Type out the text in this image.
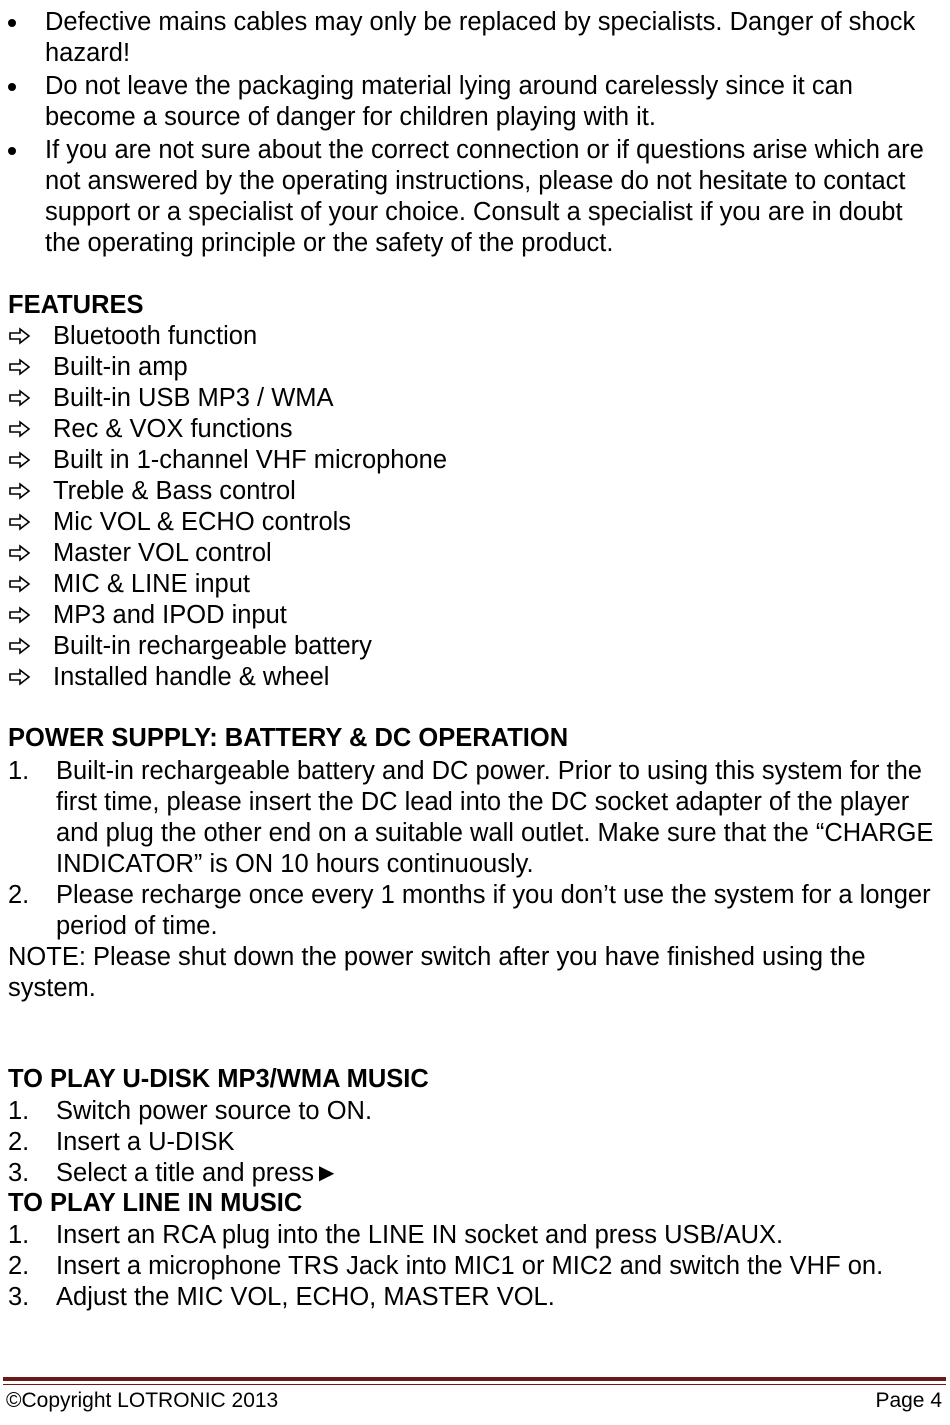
Defective mains cables may only be replaced by specialists. Danger of shock hazard!
Do not leave the packaging material lying around carelessly since it can become a source of danger for children playing with it.
If you are not sure about the correct connection or if questions arise which are not answered by the operating instructions, please do not hesitate to contact support or a specialist of your choice. Consult a specialist if you are in doubt the operating principle or the safety of the product.
FEATURES
Bluetooth function
Built-in amp
Built-in USB MP3 / WMA
Rec & VOX functions
Built in 1-channel VHF microphone
Treble & Bass control
Mic VOL & ECHO controls
Master VOL control
MIC & LINE input
MP3 and IPOD input
Built-in rechargeable battery
Installed handle & wheel
POWER SUPPLY: BATTERY & DC OPERATION
1. Built-in rechargeable battery and DC power. Prior to using this system for the first time, please insert the DC lead into the DC socket adapter of the player and plug the other end on a suitable wall outlet. Make sure that the “CHARGE INDICATOR” is ON 10 hours continuously.
2. Please recharge once every 1 months if you don’t use the system for a longer period of time.
NOTE: Please shut down the power switch after you have finished using the system.
TO PLAY U-DISK MP3/WMA MUSIC
1. Switch power source to ON.
2. Insert a U-DISK
3. Select a title and press►
TO PLAY LINE IN MUSIC
1. Insert an RCA plug into the LINE IN socket and press USB/AUX.
2. Insert a microphone TRS Jack into MIC1 or MIC2 and switch the VHF on.
3. Adjust the MIC VOL, ECHO, MASTER VOL.
©Copyright LOTRONIC 2013	Page 4
